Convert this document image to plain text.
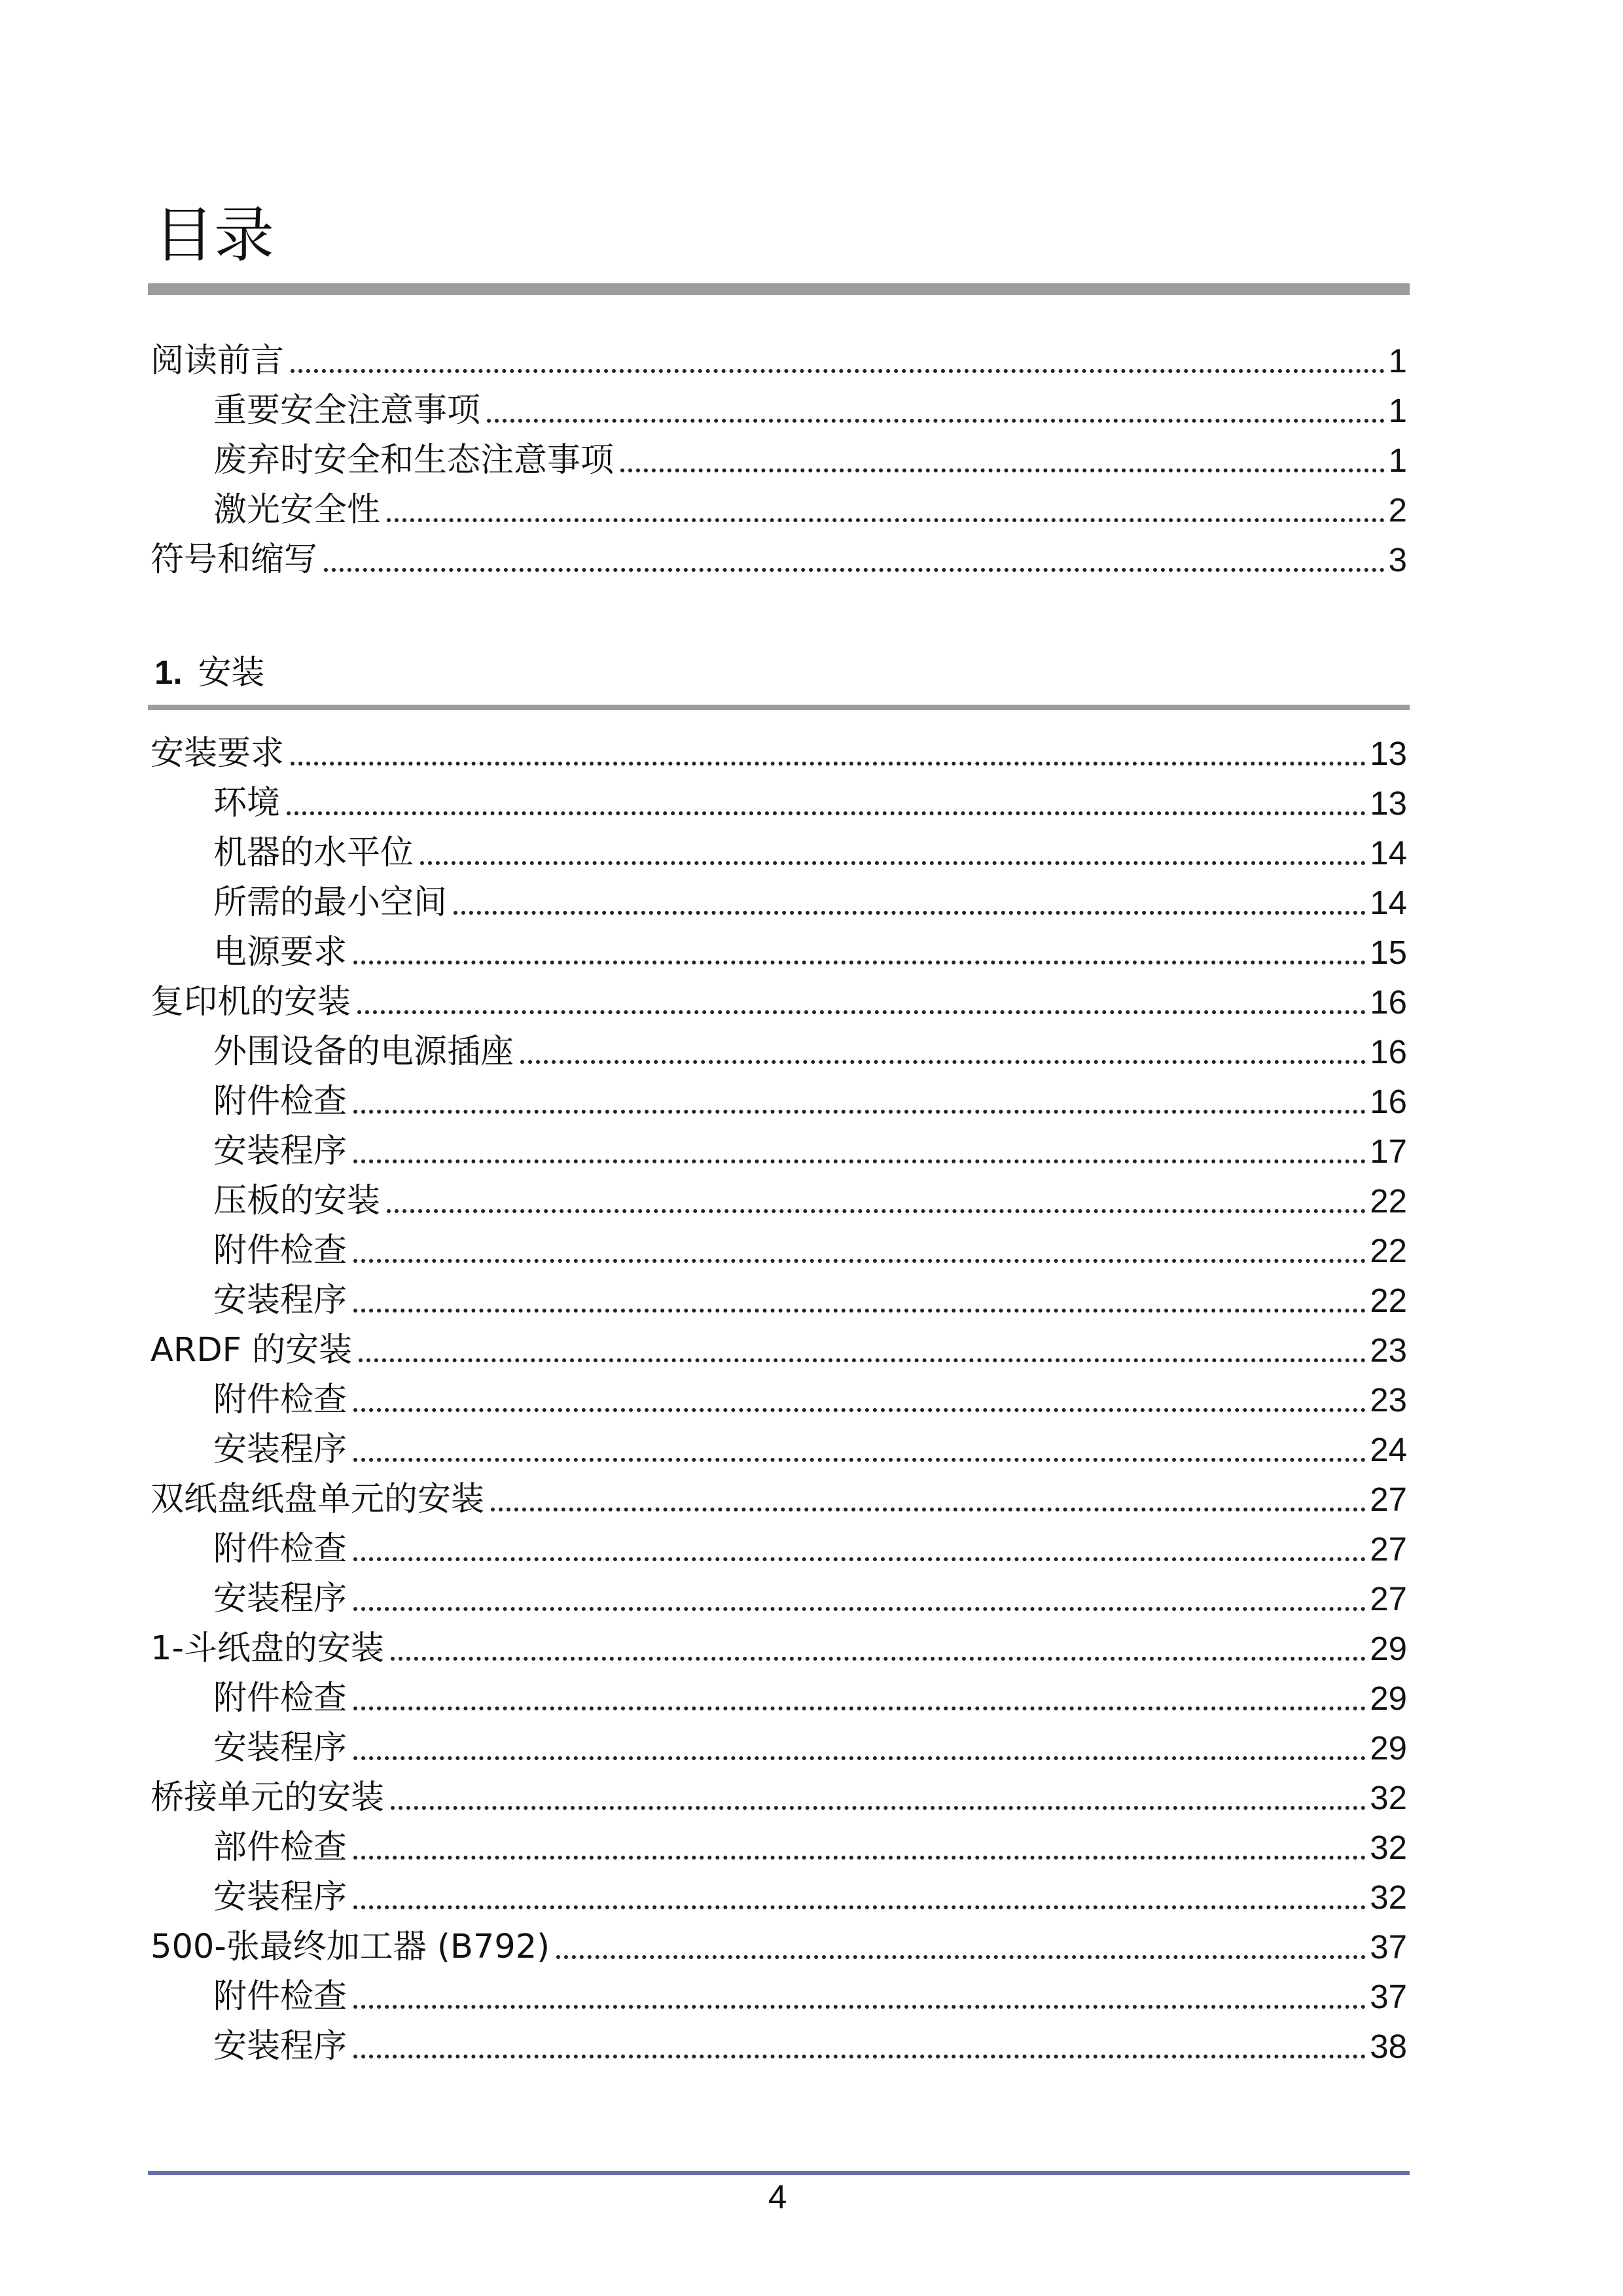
目录
阅读前言	1
重要安全注意事项	1
废弃时安全和生态注意事项	1
激光安全性	2
符号和缩写	3
1. 安装
安装要求	13
环境	13
机器的水平位	14
所需的最小空间	14
电源要求	15
复印机的安装	16
外围设备的电源插座	16
附件检查	16
安装程序	17
压板的安装	22
附件检查	22
安装程序	22
ARDF 的安装	23
附件检查	23
安装程序	24
双纸盘纸盘单元的安装	27
附件检查	27
安装程序	27
1-斗纸盘的安装	29
附件检查	29
安装程序	29
桥接单元的安装	32
部件检查	32
安装程序	32
500-张最终加工器 (B792)	37
附件检查	37
安装程序	38
4
